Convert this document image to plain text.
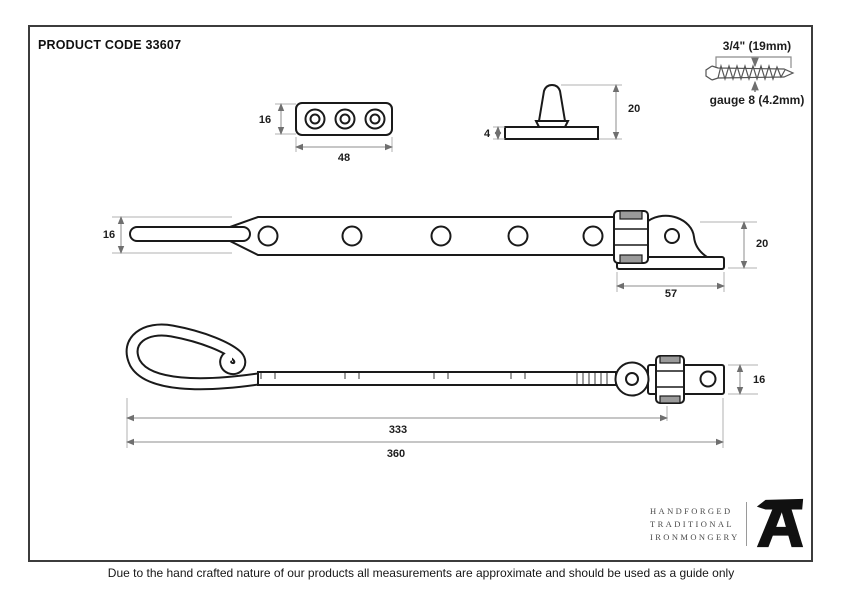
PRODUCT CODE 33607
16
48
4
20
3/4" (19mm)
gauge 8 (4.2mm)
16
20
57
16
333
360
HANDFORGED
TRADITIONAL
IRONMONGERY
Due to the hand crafted nature of our products all measurements are approximate and should be used as a guide only
